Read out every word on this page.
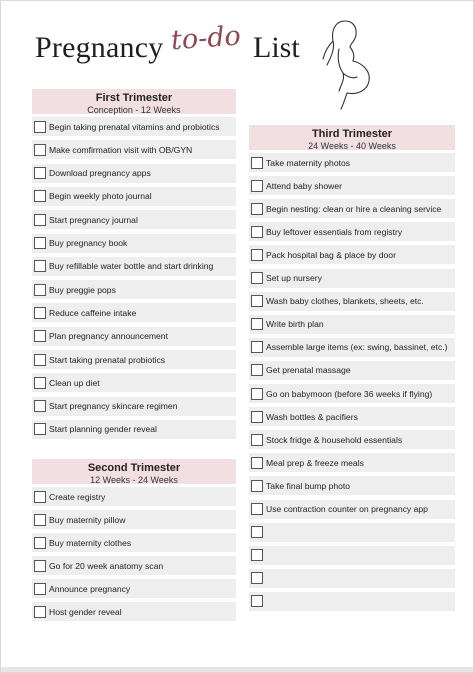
Pregnancy to-do List
First Trimester
Conception - 12 Weeks
Begin taking prenatal vitamins and probiotics
Make comfirmation visit with OB/GYN
Download pregnancy apps
Begin weekly photo journal
Start pregnancy journal
Buy pregnancy book
Buy refillable water bottle and start drinking
Buy preggie pops
Reduce caffeine intake
Plan pregnancy announcement
Start taking prenatal probiotics
Clean up diet
Start pregnancy skincare regimen
Start planning gender reveal
Second Trimester
12 Weeks - 24 Weeks
Create registry
Buy maternity pillow
Buy maternity clothes
Go for 20 week anatomy scan
Announce pregnancy
Host gender reveal
Third Trimester
24 Weeks - 40 Weeks
Take maternity photos
Attend baby shower
Begin nesting: clean or hire a cleaning service
Buy leftover essentials from registry
Pack hospital bag & place by door
Set up nursery
Wash baby clothes, blankets, sheets, etc.
Write birth plan
Assemble large items (ex: swing, bassinet, etc.)
Get prenatal massage
Go on babymoon (before 36 weeks if flying)
Wash bottles & pacifiers
Stock fridge & household essentials
Meal prep & freeze meals
Take final bump photo
Use contraction counter on pregnancy app
